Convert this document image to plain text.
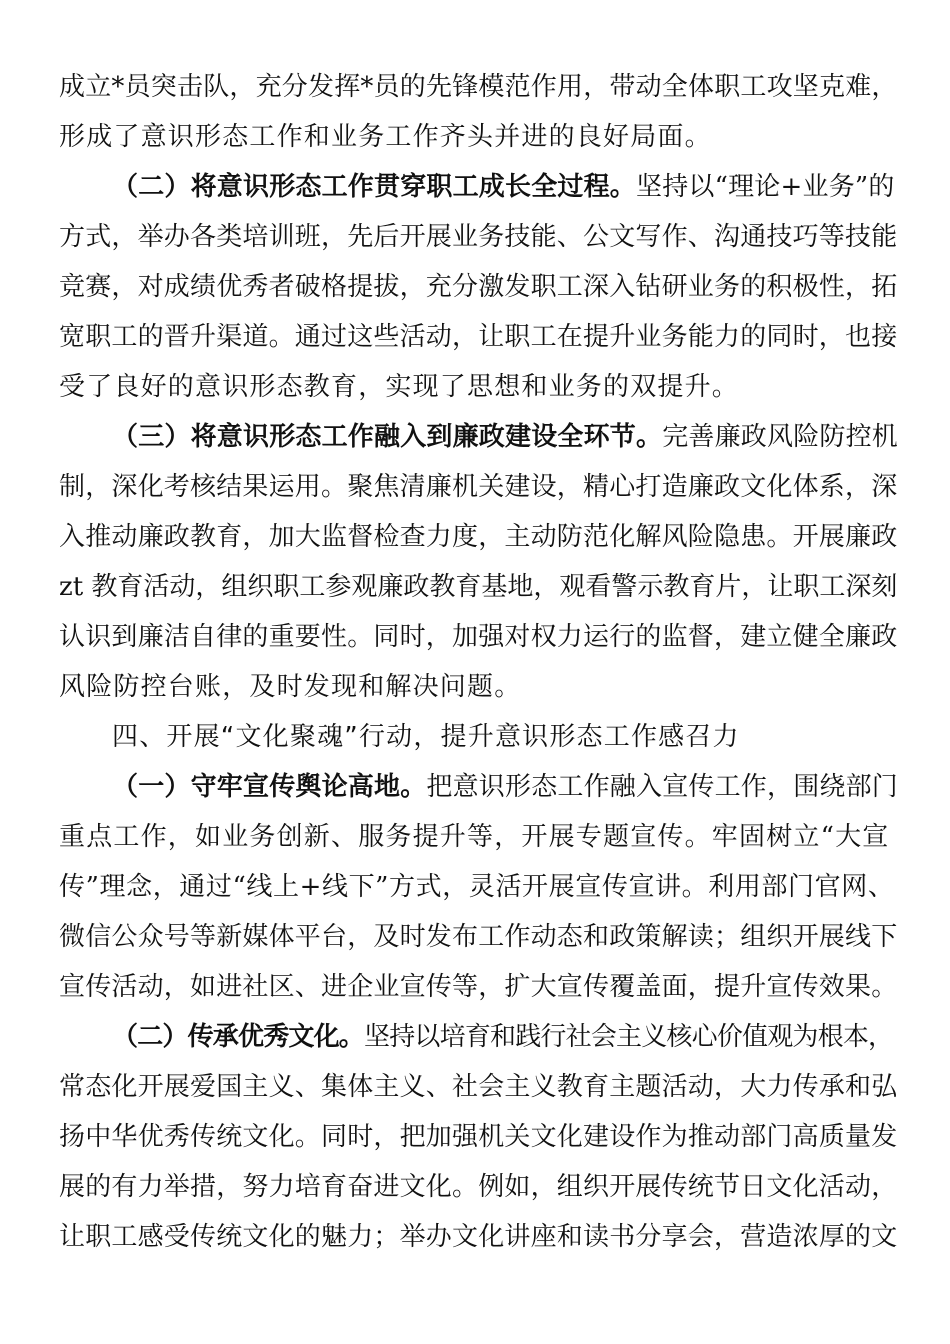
成立*员突击队，充分发挥*员的先锋模范作用，带动全体职工攻坚克难，
形成了意识形态工作和业务工作齐头并进的良好局面。
（二）将意识形态工作贯穿职工成长全过程。坚持以“理论+业务”的
方式，举办各类培训班，先后开展业务技能、公文写作、沟通技巧等技能
竞赛，对成绩优秀者破格提拔，充分激发职工深入钻研业务的积极性，拓
宽职工的晋升渠道。通过这些活动，让职工在提升业务能力的同时，也接
受了良好的意识形态教育，实现了思想和业务的双提升。
（三）将意识形态工作融入到廉政建设全环节。完善廉政风险防控机
制，深化考核结果运用。聚焦清廉机关建设，精心打造廉政文化体系，深
入推动廉政教育，加大监督检查力度，主动防范化解风险隐患。开展廉政
zt 教育活动，组织职工参观廉政教育基地，观看警示教育片，让职工深刻
认识到廉洁自律的重要性。同时，加强对权力运行的监督，建立健全廉政
风险防控台账，及时发现和解决问题。
四、开展“文化聚魂”行动，提升意识形态工作感召力
（一）守牢宣传舆论高地。把意识形态工作融入宣传工作，围绕部门
重点工作，如业务创新、服务提升等，开展专题宣传。牢固树立“大宣
传”理念，通过“线上+线下”方式，灵活开展宣传宣讲。利用部门官网、
微信公众号等新媒体平台，及时发布工作动态和政策解读；组织开展线下
宣传活动，如进社区、进企业宣传等，扩大宣传覆盖面，提升宣传效果。
（二）传承优秀文化。坚持以培育和践行社会主义核心价值观为根本，
常态化开展爱国主义、集体主义、社会主义教育主题活动，大力传承和弘
扬中华优秀传统文化。同时，把加强机关文化建设作为推动部门高质量发
展的有力举措，努力培育奋进文化。例如，组织开展传统节日文化活动，
让职工感受传统文化的魅力；举办文化讲座和读书分享会，营造浓厚的文
